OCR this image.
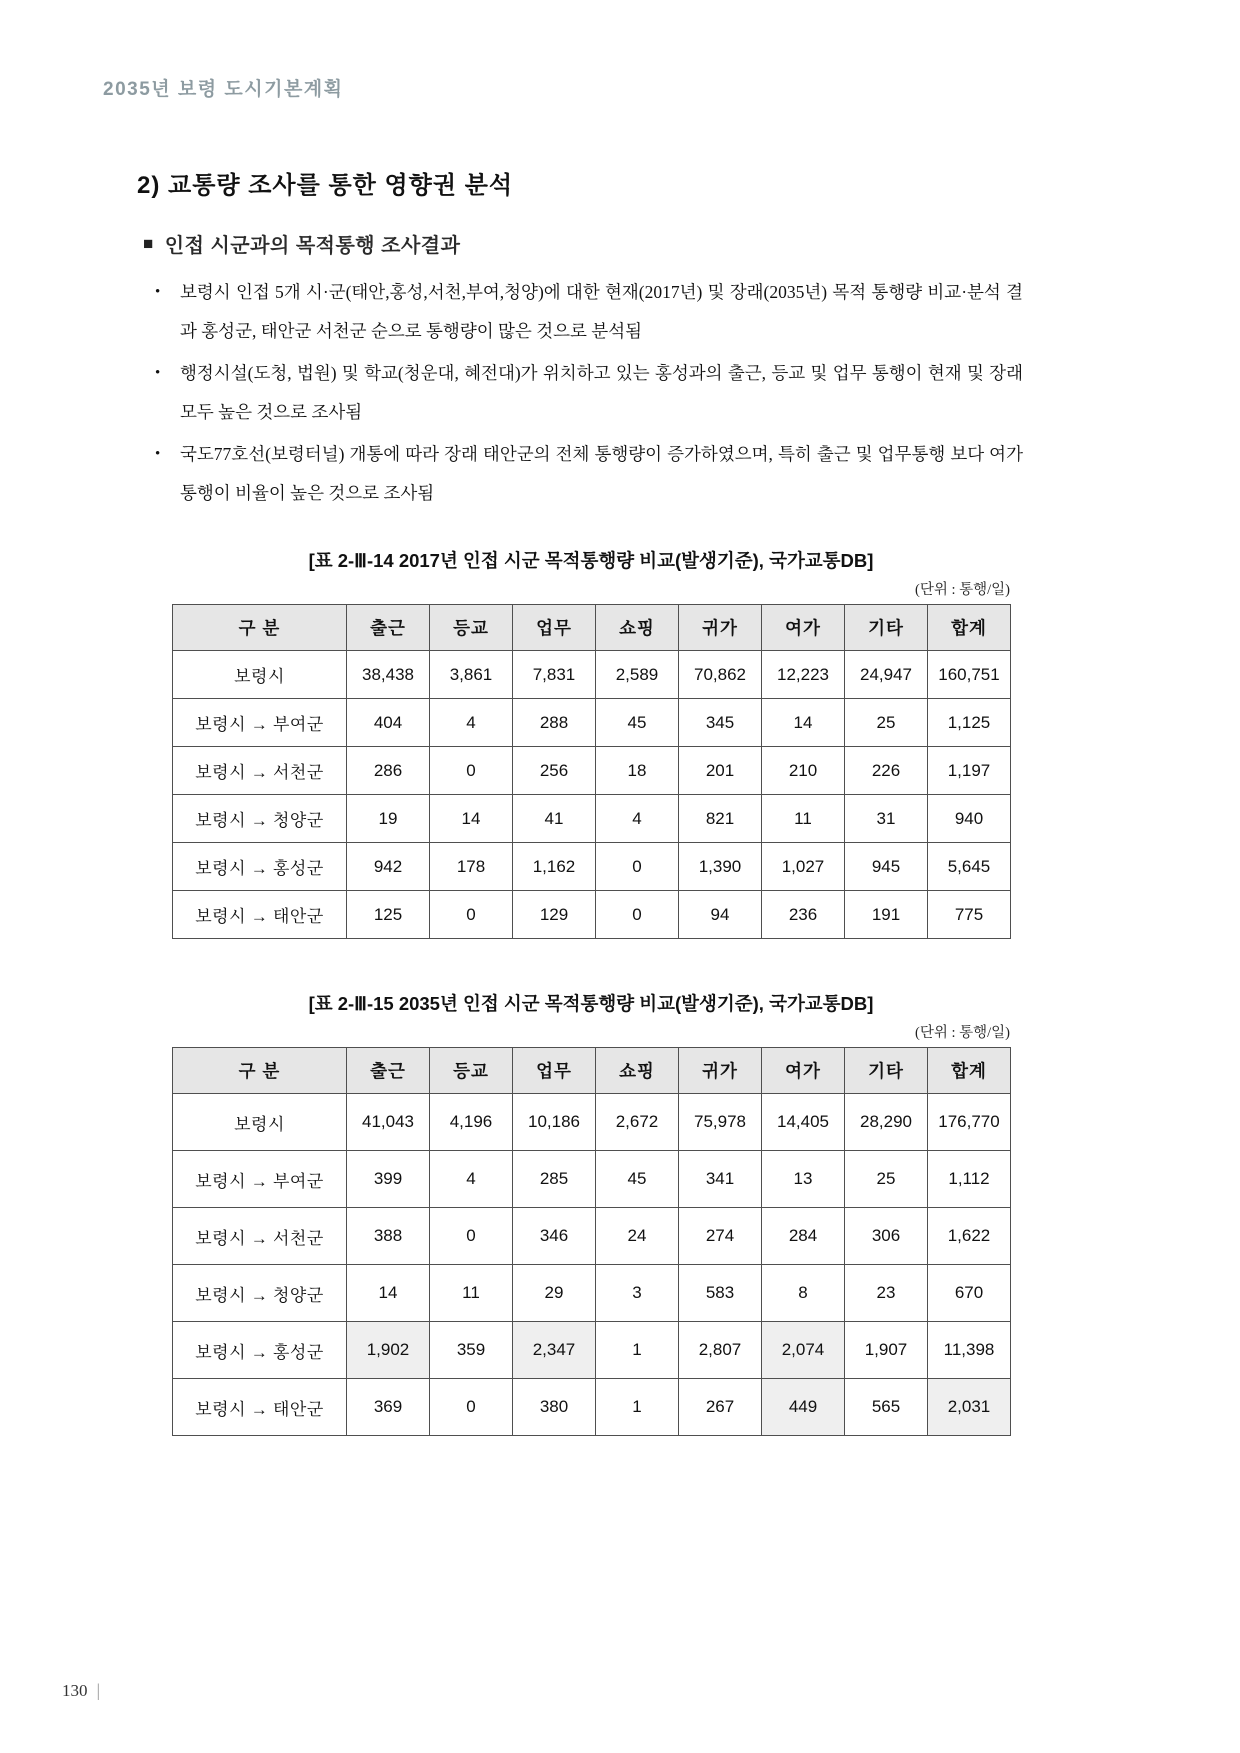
2035년 보령 도시기본계획
2) 교통량 조사를 통한 영향권 분석
■ 인접 시군과의 목적통행 조사결과
•	보령시 인접 5개 시·군(태안,홍성,서천,부여,청양)에 대한 현재(2017년) 및 장래(2035년) 목적 통행량 비교·분석 결과 홍성군, 태안군 서천군 순으로 통행량이 많은 것으로 분석됨
•	행정시설(도청, 법원) 및 학교(청운대, 혜전대)가 위치하고 있는 홍성과의 출근, 등교 및 업무 통행이 현재 및 장래 모두 높은 것으로 조사됨
•	국도77호선(보령터널) 개통에 따라 장래 태안군의 전체 통행량이 증가하였으며, 특히 출근 및 업무통행 보다 여가통행이 비율이 높은 것으로 조사됨
[표 2-Ⅲ-14 2017년 인접 시군 목적통행량 비교(발생기준), 국가교통DB]
(단위 : 통행/일)
구 분	출근	등교	업무	쇼핑	귀가	여가	기타	합계
보령시	38,438	3,861	7,831	2,589	70,862	12,223	24,947	160,751
보령시 → 부여군	404	4	288	45	345	14	25	1,125
보령시 → 서천군	286	0	256	18	201	210	226	1,197
보령시 → 청양군	19	14	41	4	821	11	31	940
보령시 → 홍성군	942	178	1,162	0	1,390	1,027	945	5,645
보령시 → 태안군	125	0	129	0	94	236	191	775
[표 2-Ⅲ-15 2035년 인접 시군 목적통행량 비교(발생기준), 국가교통DB]
(단위 : 통행/일)
구 분	출근	등교	업무	쇼핑	귀가	여가	기타	합계
보령시	41,043	4,196	10,186	2,672	75,978	14,405	28,290	176,770
보령시 → 부여군	399	4	285	45	341	13	25	1,112
보령시 → 서천군	388	0	346	24	274	284	306	1,622
보령시 → 청양군	14	11	29	3	583	8	23	670
보령시 → 홍성군	1,902	359	2,347	1	2,807	2,074	1,907	11,398
보령시 → 태안군	369	0	380	1	267	449	565	2,031
130 |
